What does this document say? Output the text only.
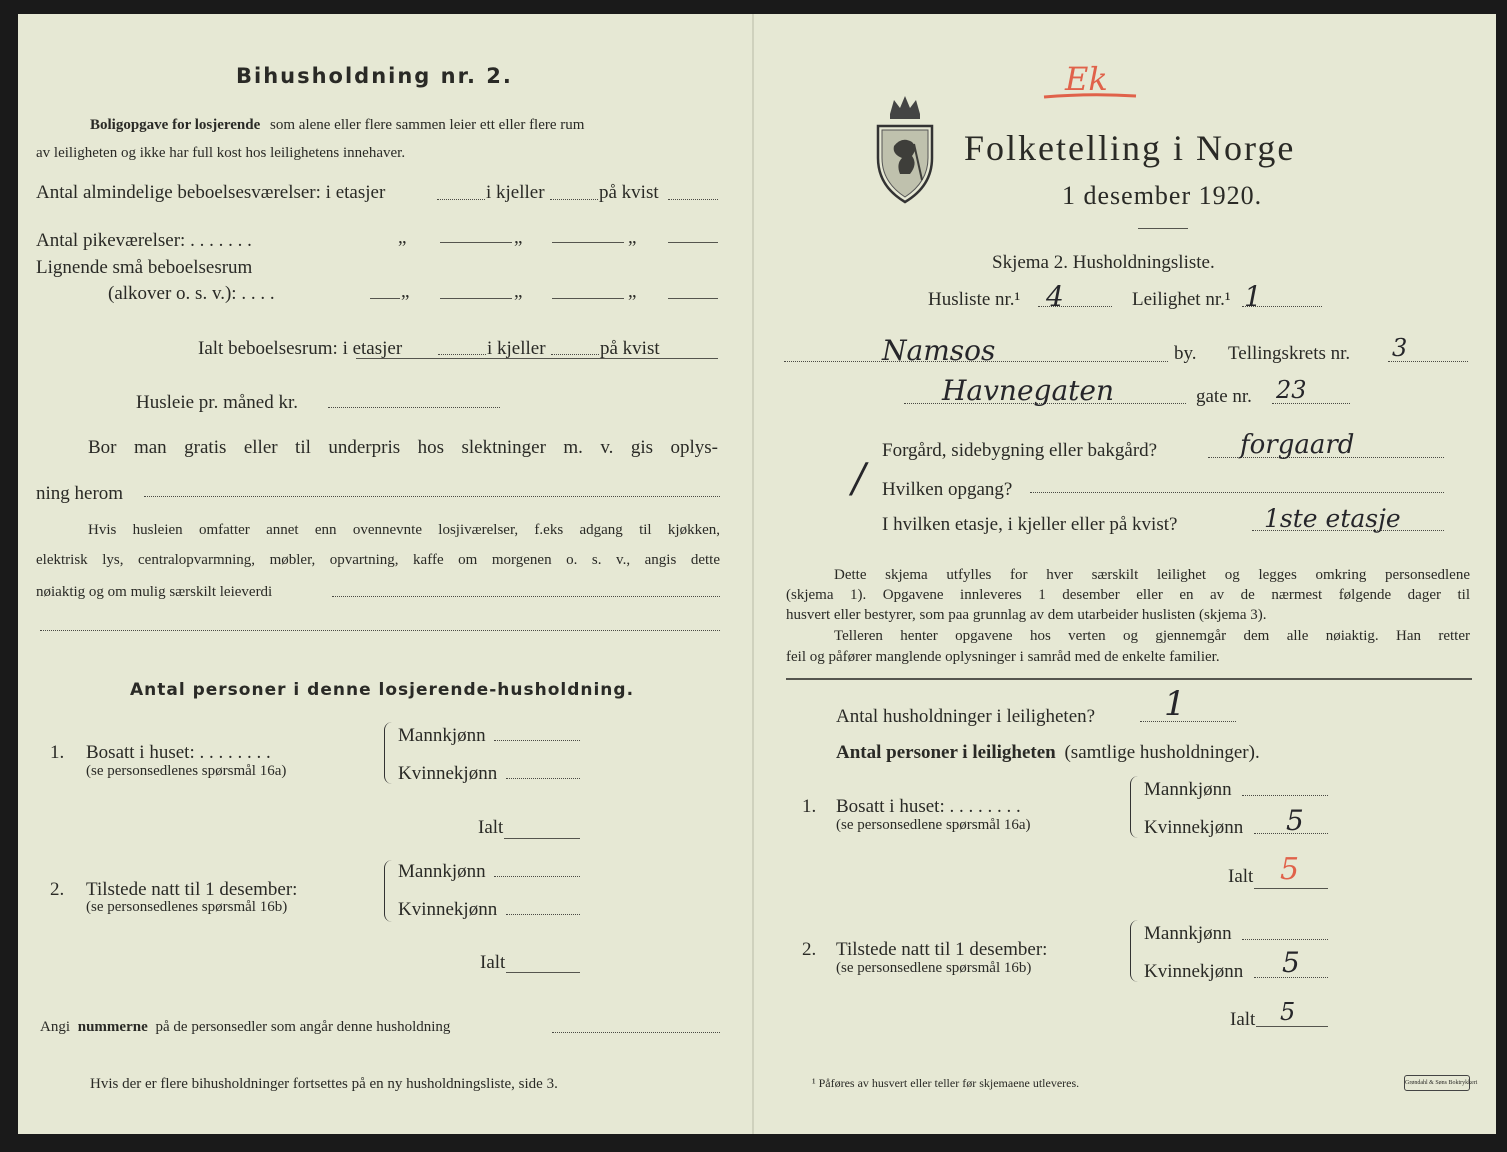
Bihusholdning nr. 2.
Boligopgave for losjerende som alene eller flere sammen leier ett eller flere rum
av leiligheten og ikke har full kost hos leilighetens innehaver.
Antal almindelige beboelsesværelser: i etasjer	i kjeller	på kvist
Antal pikeværelser: . . . . . . .	„	„	„
Lignende små beboelsesrum
(alkover o. s. v.): . . . .	„	„	„
Ialt beboelsesrum: i etasjer	i kjeller	på kvist
Husleie pr. måned kr.
Bor man gratis eller til underpris hos slektninger m. v. gis oplys-
ning herom
Hvis husleien omfatter annet enn ovennevnte losjiværelser, f.eks adgang til kjøkken,
elektrisk lys, centralopvarmning, møbler, opvartning, kaffe om morgenen o. s. v., angis dette
nøiaktig og om mulig særskilt leieverdi
Antal personer i denne losjerende-husholdning.
1. Bosatt i huset: . . . . . . . .
(se personsedlenes spørsmål 16a)
Mannkjønn
Kvinnekjønn
Ialt
2. Tilstede natt til 1 desember:
(se personsedlenes spørsmål 16b)
Mannkjønn
Kvinnekjønn
Ialt
Angi nummerne på de personsedler som angår denne husholdning
Hvis der er flere bihusholdninger fortsettes på en ny husholdningsliste, side 3.
Ek
Folketelling i Norge
1 desember 1920.
Skjema 2. Husholdningsliste.
Husliste nr.¹ 4	Leilighet nr.¹ 1
Namsos	by. Tellingskrets nr. 3
Havnegaten	gate nr. 23
/
Forgård, sidebygning eller bakgård?	forgaard
Hvilken opgang?
I hvilken etasje, i kjeller eller på kvist?	1ste etasje
Dette skjema utfylles for hver særskilt leilighet og legges omkring personsedlene
(skjema 1). Opgavene innleveres 1 desember eller en av de nærmest følgende dager til
husvert eller bestyrer, som paa grunnlag av dem utarbeider huslisten (skjema 3).
Telleren henter opgavene hos verten og gjennemgår dem alle nøiaktig. Han retter
feil og påfører manglende oplysninger i samråd med de enkelte familier.
Antal husholdninger i leiligheten? 1
Antal personer i leiligheten (samtlige husholdninger).
1. Bosatt i huset: . . . . . . . .
(se personsedlene spørsmål 16a)
Mannkjønn
Kvinnekjønn 5
Ialt 5
2. Tilstede natt til 1 desember:
(se personsedlene spørsmål 16b)
Mannkjønn
Kvinnekjønn 5
Ialt 5
¹ Påføres av husvert eller teller før skjemaene utleveres.	Grøndahl & Søns Boktrykkeri
